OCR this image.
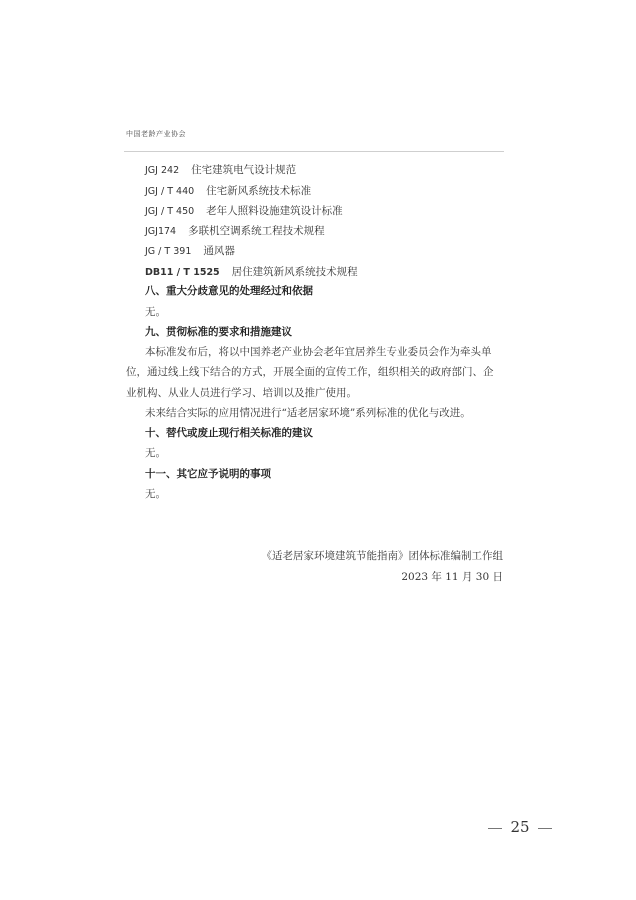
中国老龄产业协会
JGJ 242 住宅建筑电气设计规范
JGJ / T 440 住宅新风系统技术标准
JGJ / T 450 老年人照料设施建筑设计标准
JGJ174 多联机空调系统工程技术规程
JG / T 391 通风器
DB11 / T 1525 居住建筑新风系统技术规程
八、重大分歧意见的处理经过和依据
无。
九、贯彻标准的要求和措施建议
本标准发布后，将以中国养老产业协会老年宜居养生专业委员会作为牵头单
位，通过线上线下结合的方式，开展全面的宣传工作，组织相关的政府部门、企
业机构、从业人员进行学习、培训以及推广使用。
未来结合实际的应用情况进行“适老居家环境”系列标准的优化与改进。
十、替代或废止现行相关标准的建议
无。
十一、其它应予说明的事项
无。
《适老居家环境建筑节能指南》团体标准编制工作组
2023 年 11 月 30 日
25
